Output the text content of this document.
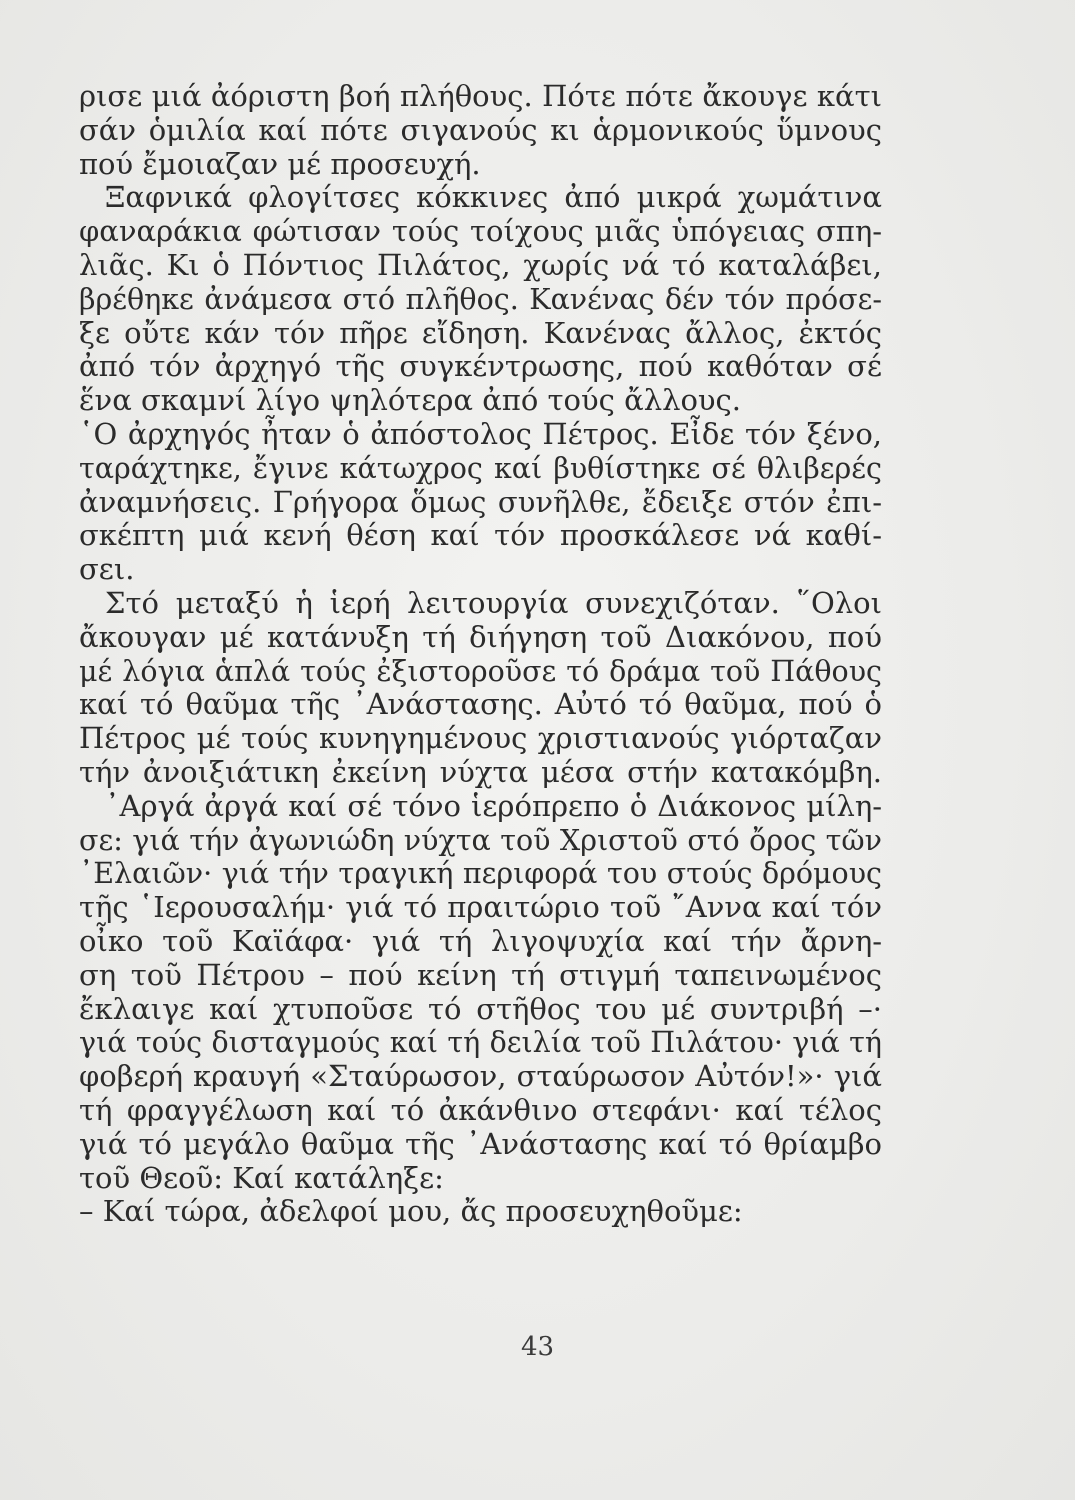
ρισε μιά ἀόριστη βοή πλήθους. Πότε πότε ἄκουγε κάτι
σάν ὁμιλία καί πότε σιγανούς κι ἁρμονικούς ὕμνους
πού ἔμοιαζαν μέ προσευχή.
Ξαφνικά φλογίτσες κόκκινες ἀπό μικρά χωμάτινα
φαναράκια φώτισαν τούς τοίχους μιᾶς ὑπόγειας σπη-
λιᾶς. Κι ὁ Πόντιος Πιλάτος, χωρίς νά τό καταλάβει,
βρέθηκε ἀνάμεσα στό πλῆθος. Κανένας δέν τόν πρόσε-
ξε οὔτε κάν τόν πῆρε εἴδηση. Κανένας ἄλλος, ἐκτός
ἀπό τόν ἀρχηγό τῆς συγκέντρωσης, πού καθόταν σέ
ἕνα σκαμνί λίγο ψηλότερα ἀπό τούς ἄλλους.
῾Ο ἀρχηγός ἦταν ὁ ἀπόστολος Πέτρος. Εἶδε τόν ξένο,
ταράχτηκε, ἔγινε κάτωχρος καί βυθίστηκε σέ θλιβερές
ἀναμνήσεις. Γρήγορα ὅμως συνῆλθε, ἔδειξε στόν ἐπι-
σκέπτη μιά κενή θέση καί τόν προσκάλεσε νά καθί-
σει.
Στό μεταξύ ἡ ἱερή λειτουργία συνεχιζόταν. ῞Ολοι
ἄκουγαν μέ κατάνυξη τή διήγηση τοῦ Διακόνου, πού
μέ λόγια ἁπλά τούς ἐξιστοροῦσε τό δράμα τοῦ Πάθους
καί τό θαῦμα τῆς ᾿Ανάστασης. Αὐτό τό θαῦμα, πού ὁ
Πέτρος μέ τούς κυνηγημένους χριστιανούς γιόρταζαν
τήν ἀνοιξιάτικη ἐκείνη νύχτα μέσα στήν κατακόμβη.
᾿Αργά ἀργά καί σέ τόνο ἱερόπρεπο ὁ Διάκονος μίλη-
σε: γιά τήν ἀγωνιώδη νύχτα τοῦ Χριστοῦ στό ὄρος τῶν
᾿Ελαιῶν· γιά τήν τραγική περιφορά του στούς δρόμους
τῆς ῾Ιερουσαλήμ· γιά τό πραιτώριο τοῦ ῎Αννα καί τόν
οἶκο τοῦ Καϊάφα· γιά τή λιγοψυχία καί τήν ἄρνη-
ση τοῦ Πέτρου – πού κείνη τή στιγμή ταπεινωμένος
ἔκλαιγε καί χτυποῦσε τό στῆθος του μέ συντριβή –·
γιά τούς δισταγμούς καί τή δειλία τοῦ Πιλάτου· γιά τή
φοβερή κραυγή «Σταύρωσον, σταύρωσον Αὐτόν!»· γιά
τή φραγγέλωση καί τό ἀκάνθινο στεφάνι· καί τέλος
γιά τό μεγάλο θαῦμα τῆς ᾿Ανάστασης καί τό θρίαμβο
τοῦ Θεοῦ: Καί κατάληξε:
– Καί τώρα, ἀδελφοί μου, ἄς προσευχηθοῦμε:
43
